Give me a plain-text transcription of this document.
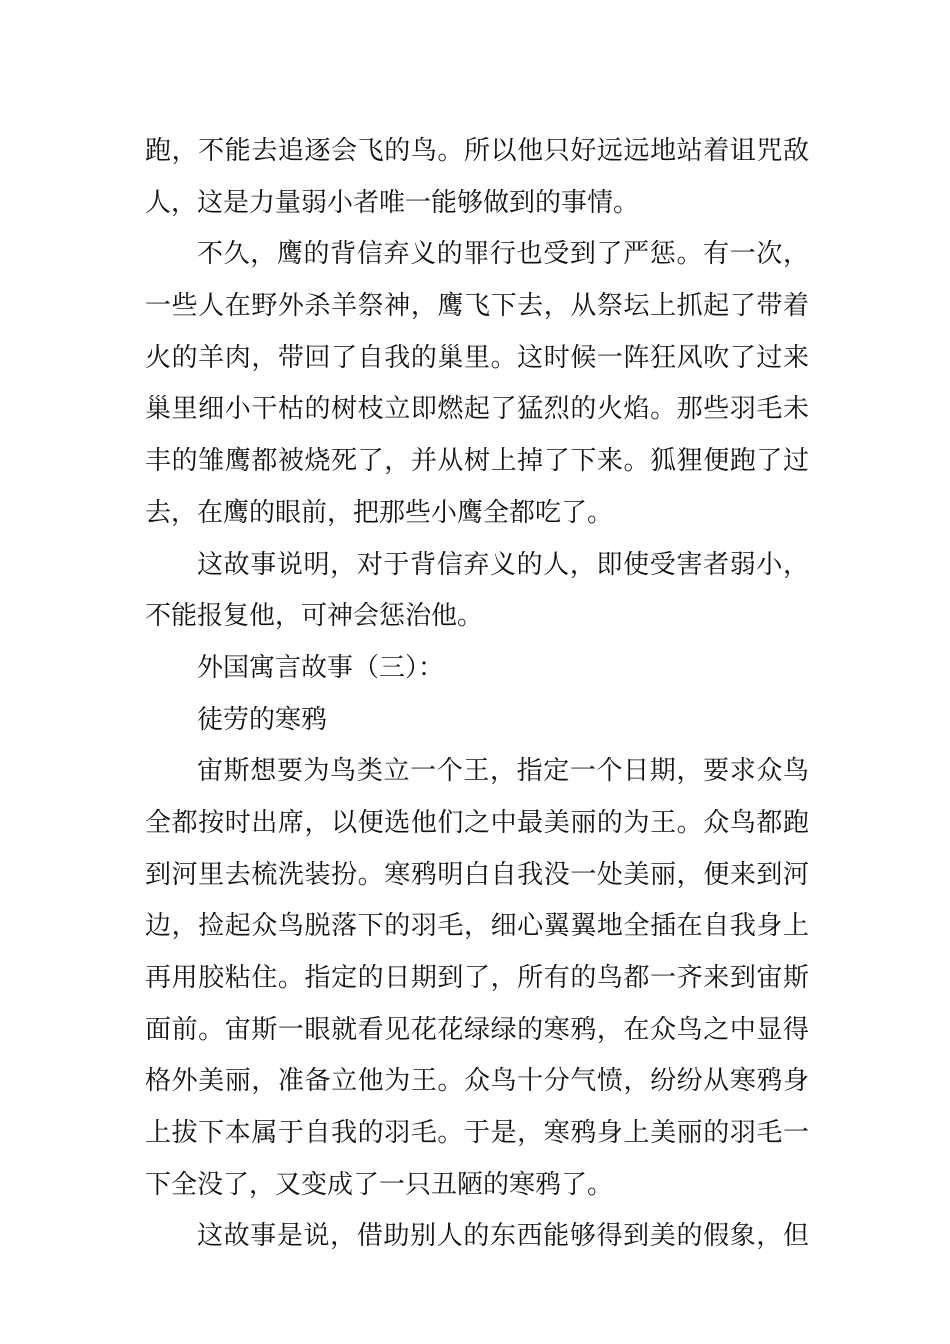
跑，不能去追逐会飞的鸟。所以他只好远远地站着诅咒敌
人，这是力量弱小者唯一能够做到的事情。
不久，鹰的背信弃义的罪行也受到了严惩。有一次，
一些人在野外杀羊祭神，鹰飞下去，从祭坛上抓起了带着
火的羊肉，带回了自我的巢里。这时候一阵狂风吹了过来
巢里细小干枯的树枝立即燃起了猛烈的火焰。那些羽毛未
丰的雏鹰都被烧死了，并从树上掉了下来。狐狸便跑了过
去，在鹰的眼前，把那些小鹰全都吃了。
这故事说明，对于背信弃义的人，即使受害者弱小，
不能报复他，可神会惩治他。
外国寓言故事（三）：
徒劳的寒鸦
宙斯想要为鸟类立一个王，指定一个日期，要求众鸟
全都按时出席，以便选他们之中最美丽的为王。众鸟都跑
到河里去梳洗装扮。寒鸦明白自我没一处美丽，便来到河
边，捡起众鸟脱落下的羽毛，细心翼翼地全插在自我身上
再用胶粘住。指定的日期到了，所有的鸟都一齐来到宙斯
面前。宙斯一眼就看见花花绿绿的寒鸦，在众鸟之中显得
格外美丽，准备立他为王。众鸟十分气愤，纷纷从寒鸦身
上拔下本属于自我的羽毛。于是，寒鸦身上美丽的羽毛一
下全没了，又变成了一只丑陋的寒鸦了。
这故事是说，借助别人的东西能够得到美的假象，但
